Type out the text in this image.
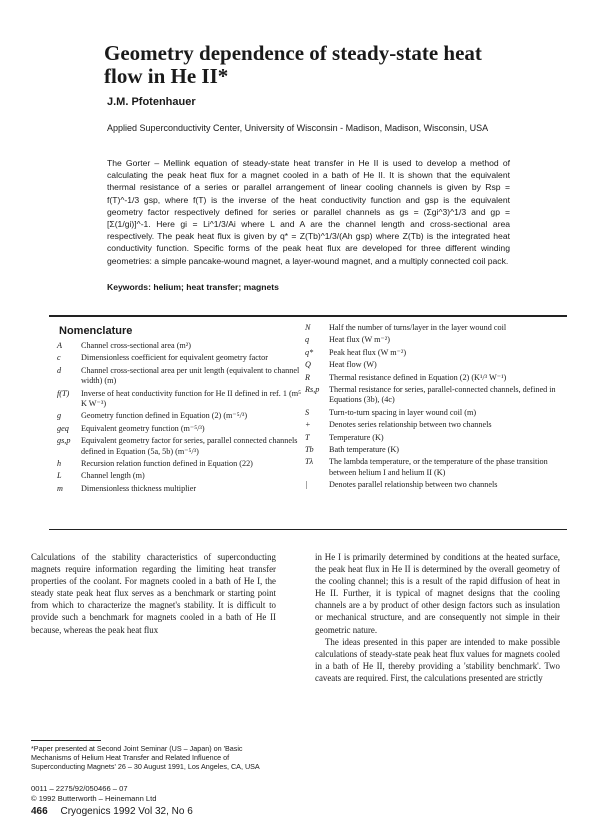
Geometry dependence of steady-state heat flow in He II*
J.M. Pfotenhauer
Applied Superconductivity Center, University of Wisconsin - Madison, Madison, Wisconsin, USA
The Gorter – Mellink equation of steady-state heat transfer in He II is used to develop a method of calculating the peak heat flux for a magnet cooled in a bath of He II. It is shown that the equivalent thermal resistance of a series or parallel arrangement of linear cooling channels is given by Rsp = f(T)^-1/3 gsp, where f(T) is the inverse of the heat conductivity function and gsp is the equivalent geometry factor respectively defined for series or parallel channels as gs = (Σgi^3)^1/3 and gp = [Σ(1/gi)]^-1. Here gi = Li^1/3/Ai where L and A are the channel length and cross-sectional area respectively. The peak heat flux is given by q* = Z(Tb)^1/3/(Ah gsp) where Z(Tb) is the integrated heat conductivity function. Specific forms of the peak heat flux are developed for three different winding geometries: a simple pancake-wound magnet, a layer-wound magnet, and a multiply connected coil pack.
Keywords: helium; heat transfer; magnets
Nomenclature
A	Channel cross-sectional area (m²)
c	Dimensionless coefficient for equivalent geometry factor
d	Channel cross-sectional area per unit length (equivalent to channel width) (m)
f(T)	Inverse of heat conductivity function for He II defined in ref. 1 (m⁵ K W⁻³)
g	Geometry function defined in Equation (2) (m⁻⁵/³)
geq	Equivalent geometry function (m⁻⁵/³)
gs,p	Equivalent geometry factor for series, parallel connected channels defined in Equation (5a, 5b) (m⁻⁵/³)
h	Recursion relation function defined in Equation (22)
L	Channel length (m)
m	Dimensionless thickness multiplier
N	Half the number of turns/layer in the layer wound coil
q	Heat flux (W m⁻²)
q*	Peak heat flux (W m⁻²)
Q	Heat flow (W)
R	Thermal resistance defined in Equation (2) (K¹/³ W⁻¹)
Rs,p	Thermal resistance for series, parallel-connected channels, defined in Equations (3b), (4c)
S	Turn-to-turn spacing in layer wound coil (m)
+	Denotes series relationship between two channels
T	Temperature (K)
Tb	Bath temperature (K)
Tλ	The lambda temperature, or the temperature of the phase transition between helium I and helium II (K)
|	Denotes parallel relationship between two channels

Calculations of the stability characteristics of superconducting magnets require information regarding the limiting heat transfer properties of the coolant. For magnets cooled in a bath of He I, the steady state peak heat flux serves as a benchmark or starting point from which to characterize the magnet's stability. It is difficult to provide such a benchmark for magnets cooled in a bath of He II because, whereas the peak heat flux

in He I is primarily determined by conditions at the heated surface, the peak heat flux in He II is determined by the overall geometry of the cooling channel; this is a result of the rapid diffusion of heat in He II. Further, it is typical of magnet designs that the cooling channels are a by product of other design factors such as insulation or mechanical structure, and are consequently not simple in their geometric nature.

The ideas presented in this paper are intended to make possible calculations of steady-state peak heat flux values for magnets cooled in a bath of He II, thereby providing a 'stability benchmark'. Two caveats are required. First, the calculations presented are strictly

*Paper presented at Second Joint Seminar (US – Japan) on 'Basic Mechanisms of Helium Heat Transfer and Related Influence of Superconducting Magnets' 26 – 30 August 1991, Los Angeles, CA, USA
0011 – 2275/92/050466 – 07
© 1992 Butterworth – Heinemann Ltd
466 Cryogenics 1992 Vol 32, No 6
